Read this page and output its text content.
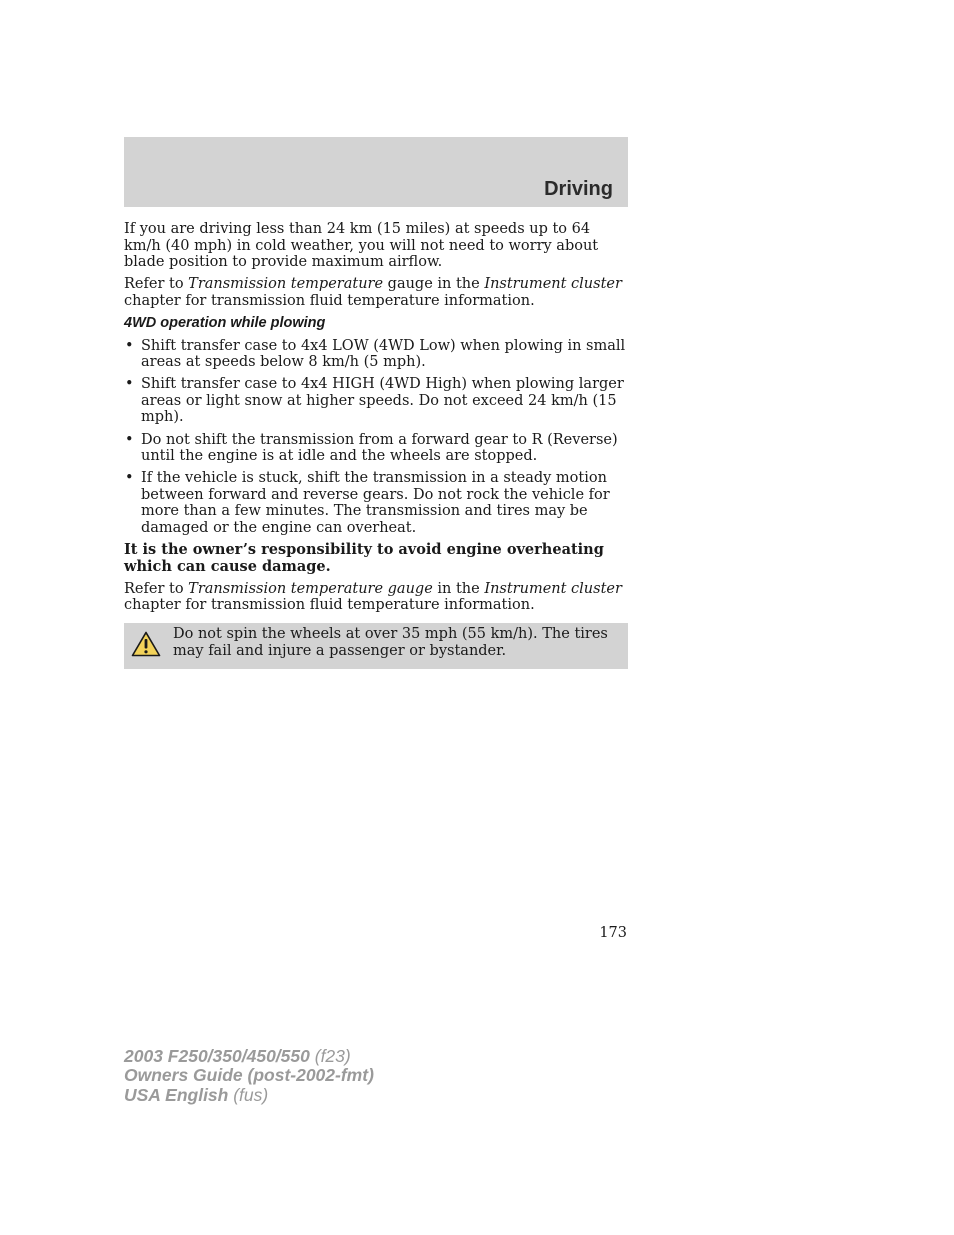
Driving

If you are driving less than 24 km (15 miles) at speeds up to 64 km/h (40 mph) in cold weather, you will not need to worry about blade position to provide maximum airflow.

Refer to Transmission temperature gauge in the Instrument cluster chapter for transmission fluid temperature information.

4WD operation while plowing
• Shift transfer case to 4x4 LOW (4WD Low) when plowing in small areas at speeds below 8 km/h (5 mph).
• Shift transfer case to 4x4 HIGH (4WD High) when plowing larger areas or light snow at higher speeds. Do not exceed 24 km/h (15 mph).
• Do not shift the transmission from a forward gear to R (Reverse) until the engine is at idle and the wheels are stopped.
• If the vehicle is stuck, shift the transmission in a steady motion between forward and reverse gears. Do not rock the vehicle for more than a few minutes. The transmission and tires may be damaged or the engine can overheat.

It is the owner’s responsibility to avoid engine overheating which can cause damage.

Refer to Transmission temperature gauge in the Instrument cluster chapter for transmission fluid temperature information.

Do not spin the wheels at over 35 mph (55 km/h). The tires may fail and injure a passenger or bystander.
173
2003 F250/350/450/550 (f23)
Owners Guide (post-2002-fmt)
USA English (fus)
